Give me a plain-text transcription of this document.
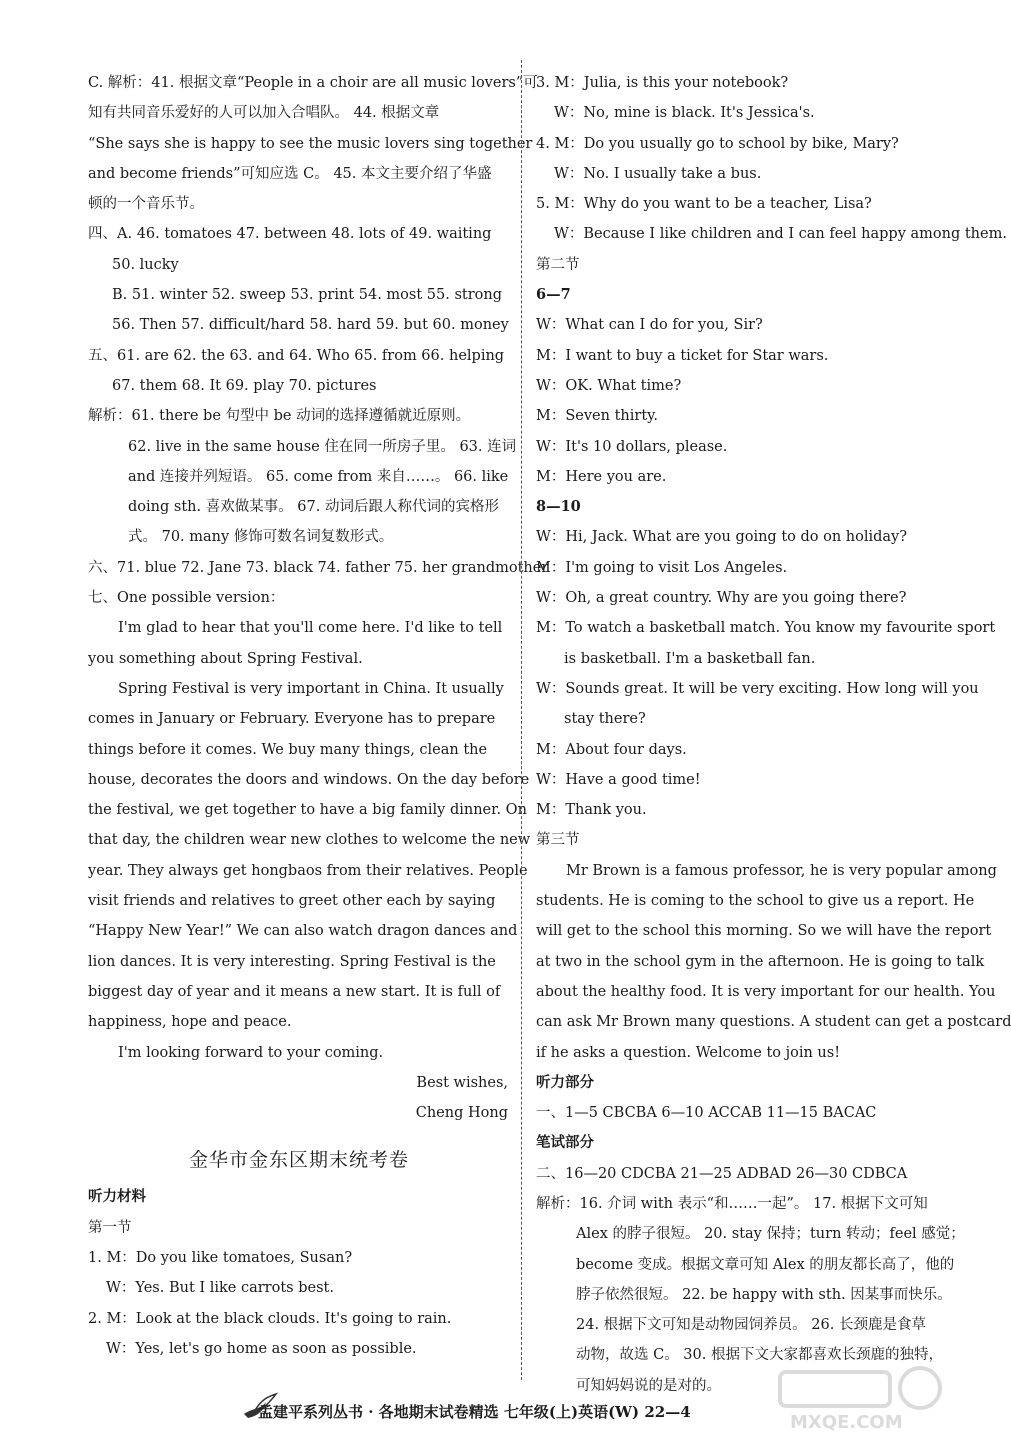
C. 解析：41. 根据文章“People in a choir are all music lovers”可
知有共同音乐爱好的人可以加入合唱队。 44. 根据文章
“She says she is happy to see the music lovers sing together
and become friends”可知应选 C。 45. 本文主要介绍了华盛
顿的一个音乐节。
四、A. 46. tomatoes 47. between 48. lots of 49. waiting
50. lucky
B. 51. winter 52. sweep 53. print 54. most 55. strong
56. Then 57. difficult/hard 58. hard 59. but 60. money
五、61. are 62. the 63. and 64. Who 65. from 66. helping
67. them 68. It 69. play 70. pictures
解析：61. there be 句型中 be 动词的选择遵循就近原则。
62. live in the same house 住在同一所房子里。 63. 连词
and 连接并列短语。 65. come from 来自……。 66. like
doing sth. 喜欢做某事。 67. 动词后跟人称代词的宾格形
式。 70. many 修饰可数名词复数形式。
六、71. blue 72. Jane 73. black 74. father 75. her grandmother
七、One possible version：
I'm glad to hear that you'll come here. I'd like to tell
you something about Spring Festival.
Spring Festival is very important in China. It usually
comes in January or February. Everyone has to prepare
things before it comes. We buy many things, clean the
house, decorates the doors and windows. On the day before
the festival, we get together to have a big family dinner. On
that day, the children wear new clothes to welcome the new
year. They always get hongbaos from their relatives. People
visit friends and relatives to greet other each by saying
“Happy New Year!” We can also watch dragon dances and
lion dances. It is very interesting. Spring Festival is the
biggest day of year and it means a new start. It is full of
happiness, hope and peace.
I'm looking forward to your coming.
Best wishes,
Cheng Hong
金华市金东区期末统考卷
听力材料
第一节
1. M：Do you like tomatoes, Susan?
W：Yes. But I like carrots best.
2. M：Look at the black clouds. It's going to rain.
W：Yes, let's go home as soon as possible.
3. M：Julia, is this your notebook?
W：No, mine is black. It's Jessica's.
4. M：Do you usually go to school by bike, Mary?
W：No. I usually take a bus.
5. M：Why do you want to be a teacher, Lisa?
W：Because I like children and I can feel happy among them.
第二节
6—7
W：What can I do for you, Sir?
M：I want to buy a ticket for Star wars.
W：OK. What time?
M：Seven thirty.
W：It's 10 dollars, please.
M：Here you are.
8—10
W：Hi, Jack. What are you going to do on holiday?
M：I'm going to visit Los Angeles.
W：Oh, a great country. Why are you going there?
M：To watch a basketball match. You know my favourite sport
is basketball. I'm a basketball fan.
W：Sounds great. It will be very exciting. How long will you
stay there?
M：About four days.
W：Have a good time!
M：Thank you.
第三节
Mr Brown is a famous professor, he is very popular among
students. He is coming to the school to give us a report. He
will get to the school this morning. So we will have the report
at two in the school gym in the afternoon. He is going to talk
about the healthy food. It is very important for our health. You
can ask Mr Brown many questions. A student can get a postcard
if he asks a question. Welcome to join us!
听力部分
一、1—5 CBCBA 6—10 ACCAB 11—15 BACAC
笔试部分
二、16—20 CDCBA 21—25 ADBAD 26—30 CDBCA
解析：16. 介词 with 表示“和……一起”。 17. 根据下文可知
Alex 的脖子很短。 20. stay 保持；turn 转动；feel 感觉；
become 变成。根据文章可知 Alex 的朋友都长高了，他的
脖子依然很短。 22. be happy with sth. 因某事而快乐。
24. 根据下文可知是动物园饲养员。 26. 长颈鹿是食草
动物，故选 C。 30. 根据下文大家都喜欢长颈鹿的独特，
可知妈妈说的是对的。
孟建平系列丛书 · 各地期末试卷精选 七年级(上)英语(W) 22—4	MXQE.COM
